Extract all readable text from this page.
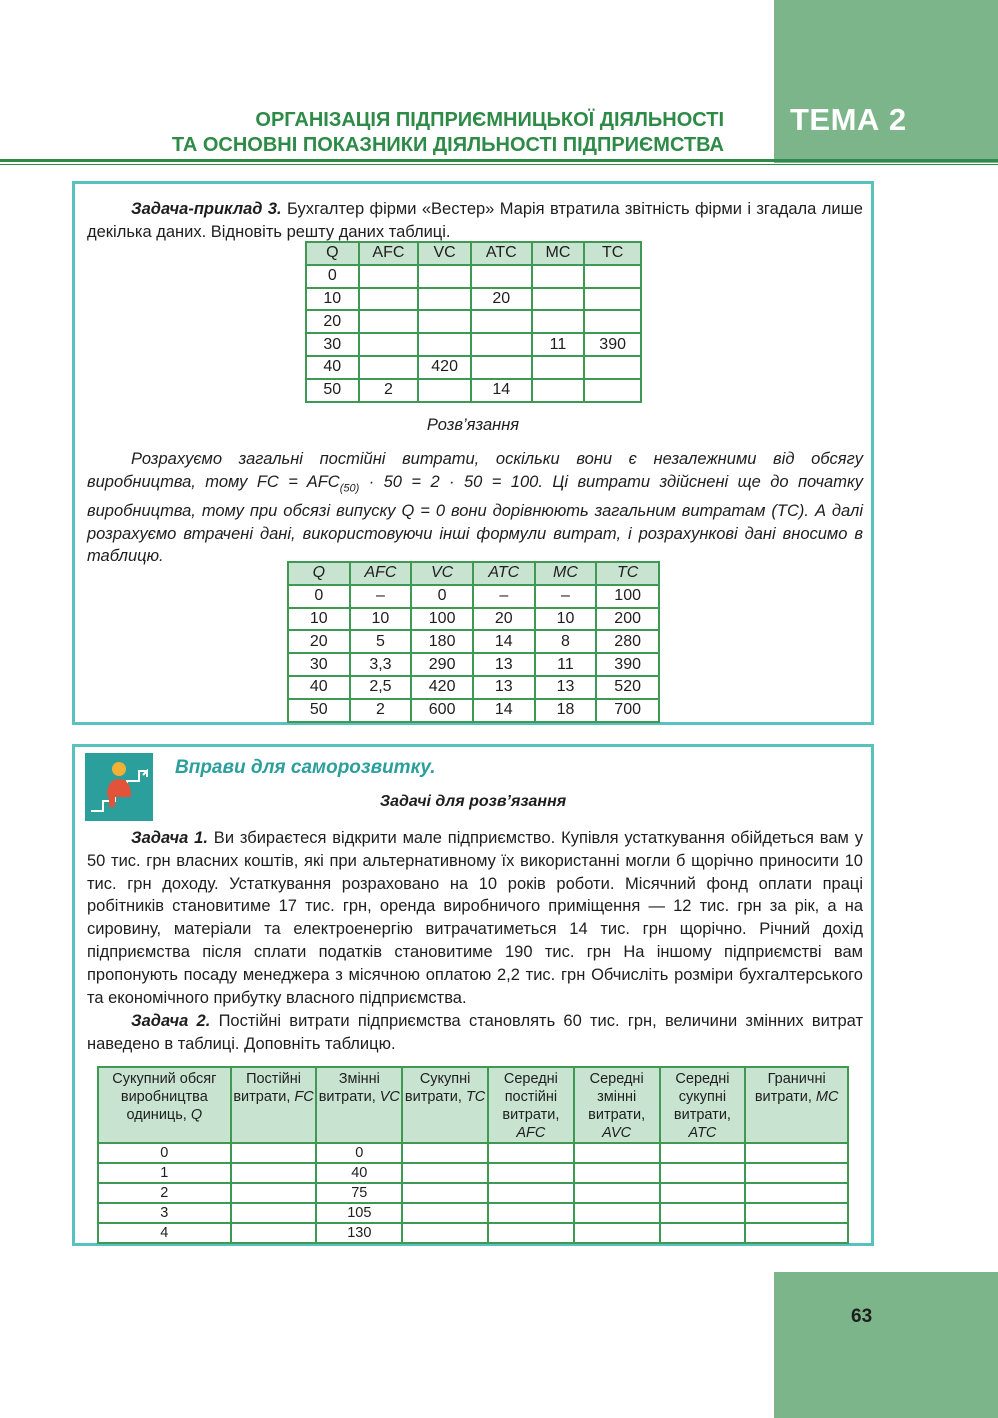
ТЕМА 2
ОРГАНІЗАЦІЯ ПІДПРИЄМНИЦЬКОЇ ДІЯЛЬНОСТІ
ТА ОСНОВНІ ПОКАЗНИКИ ДІЯЛЬНОСТІ ПІДПРИЄМСТВА

Задача-приклад 3. Бухгалтер фірми «Вестер» Марія втратила звітність фірми і згадала лише декілька даних. Відновіть решту даних таблиці.

Q	AFC	VC	ATC	MC	TC
0					
10			20		
20					
30				11	390
40		420			
50	2		14		
Розв’язання

Розрахуємо загальні постійні витрати, оскільки вони є незалежними від обсягу виробництва, тому FC = $AFC_{(50)} \cdot 50 = 2 \cdot 50 = 100$. Ці витрати здійснені ще до початку виробництва, тому при обсязі випуску Q = 0 вони дорівнюють загальним витратам (TC). А далі розрахуємо втрачені дані, використовуючи інші формули витрат, і розрахункові дані вносимо в таблицю.

Q	AFC	VC	ATC	MC	TC
0	–	0	–	–	100
10	10	100	20	10	200
20	5	180	14	8	280
30	3,3	290	13	11	390
40	2,5	420	13	13	520
50	2	600	14	18	700
Вправи для саморозвитку.
Задачі для розв’язання

Задача 1. Ви збираєтеся відкрити мале підприємство. Купівля устаткування обійдеться вам у 50 тис. грн власних коштів, які при альтернативному їх використанні могли б щорічно приносити 10 тис. грн доходу. Устаткування розраховано на 10 років роботи. Місячний фонд оплати праці робітників становитиме 17 тис. грн, оренда виробничого приміщення — 12 тис. грн за рік, а на сировину, матеріали та електроенергію витрачатиметься 14 тис. грн щорічно. Річний дохід підприємства після сплати податків становитиме 190 тис. грн На іншому підприємстві вам пропонують посаду менеджера з місячною оплатою 2,2 тис. грн Обчисліть розміри бухгалтерського та економічного прибутку власного підприємства.

Задача 2. Постійні витрати підприємства становлять 60 тис. грн, величини змінних витрат наведено в таблиці. Доповніть таблицю.

Сукупний обсяг виробництва одиниць, Q	Постійні витрати, FC	Змінні витрати, VC	Сукупні витрати, TC	Середні постійні витрати, AFC	Середні змінні витрати, AVC	Середні сукупні витрати, ATC	Граничні витрати, MC
0		0					
1		40					
2		75					
3		105					
4		130					
63
